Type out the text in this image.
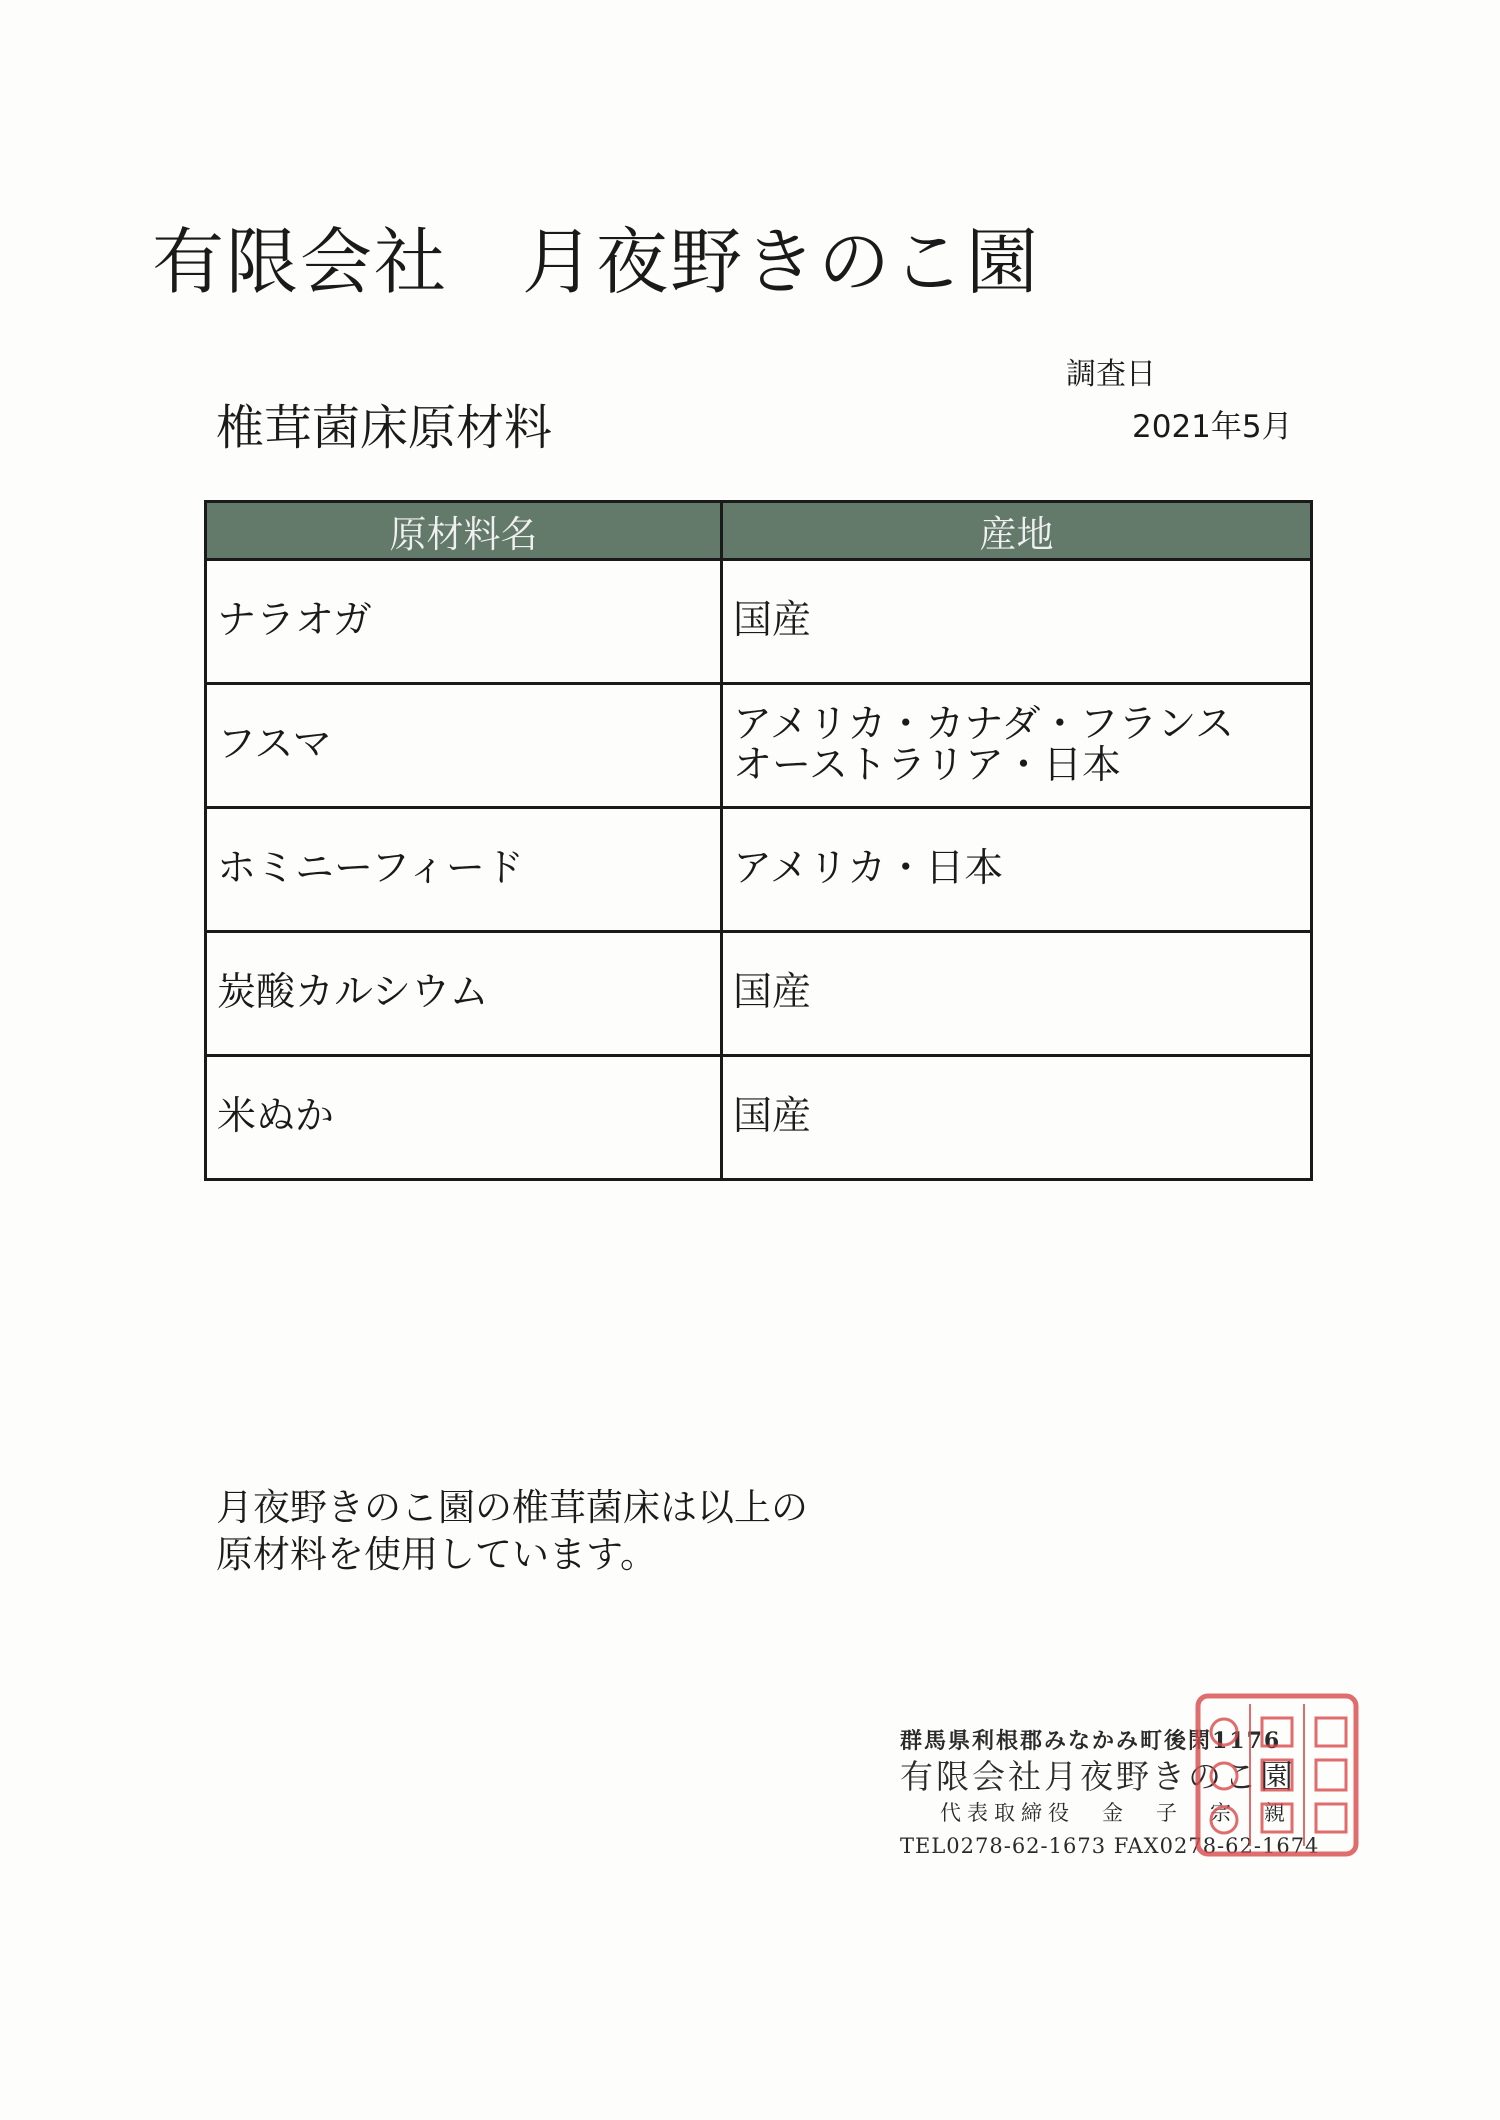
有限会社　月夜野きのこ園
調査日
椎茸菌床原材料	2021年5月
原材料名	産地
ナラオガ	国産

フスマ	アメリカ・カナダ・フランス
オーストラリア・日本

ホミニーフィード	アメリカ・日本

炭酸カルシウム	国産

米ぬか	国産
月夜野きのこ園の椎茸菌床は以上の
原材料を使用しています。
群馬県利根郡みなかみ町後閑1176
有限会社月夜野きのこ園
代表取締役　金　子　宗　親
TEL0278-62-1673 FAX0278-62-1674
